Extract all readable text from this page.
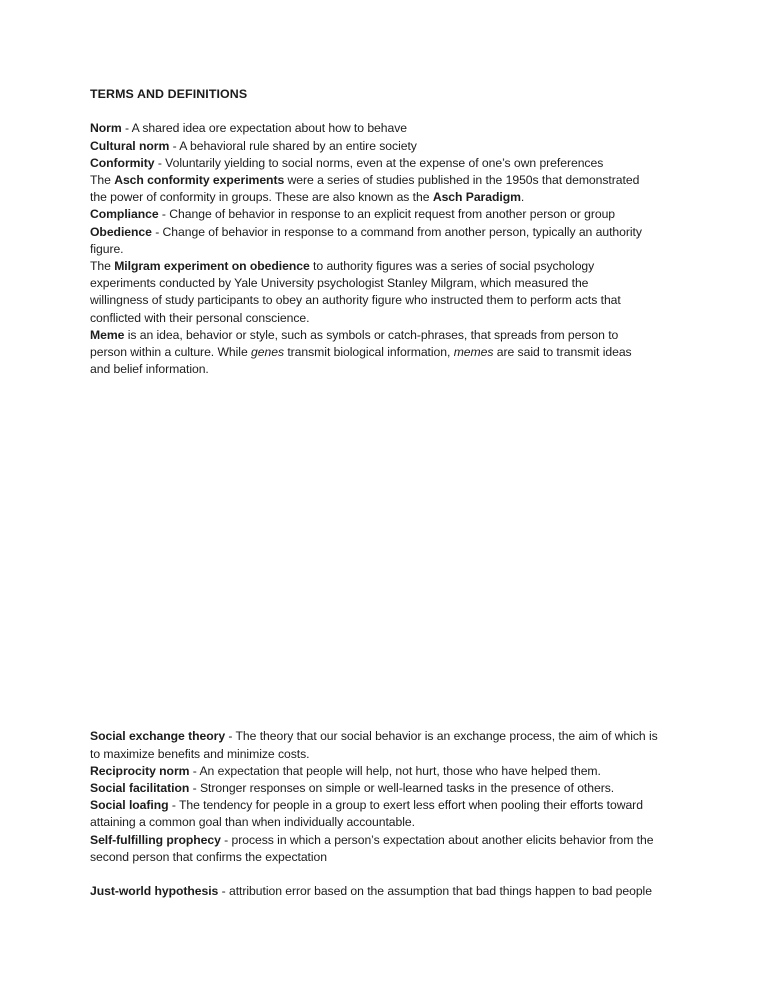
TERMS AND DEFINITIONS
Norm - A shared idea ore expectation about how to behave
Cultural norm - A behavioral rule shared by an entire society
Conformity - Voluntarily yielding to social norms, even at the expense of one’s own preferences
The Asch conformity experiments were a series of studies published in the 1950s that demonstrated
the power of conformity in groups. These are also known as the Asch Paradigm.
Compliance - Change of behavior in response to an explicit request from another person or group
Obedience - Change of behavior in response to a command from another person, typically an authority
figure.
The Milgram experiment on obedience to authority figures was a series of social psychology
experiments conducted by Yale University psychologist Stanley Milgram, which measured the
willingness of study participants to obey an authority figure who instructed them to perform acts that
conflicted with their personal conscience.
Meme is an idea, behavior or style, such as symbols or catch-phrases, that spreads from person to
person within a culture. While genes transmit biological information, memes are said to transmit ideas
and belief information.
Social exchange theory - The theory that our social behavior is an exchange process, the aim of which is
to maximize benefits and minimize costs.
Reciprocity norm - An expectation that people will help, not hurt, those who have helped them.
Social facilitation - Stronger responses on simple or well-learned tasks in the presence of others.
Social loafing - The tendency for people in a group to exert less effort when pooling their efforts toward
attaining a common goal than when individually accountable.
Self-fulfilling prophecy - process in which a person’s expectation about another elicits behavior from the
second person that confirms the expectation
Just-world hypothesis - attribution error based on the assumption that bad things happen to bad people
